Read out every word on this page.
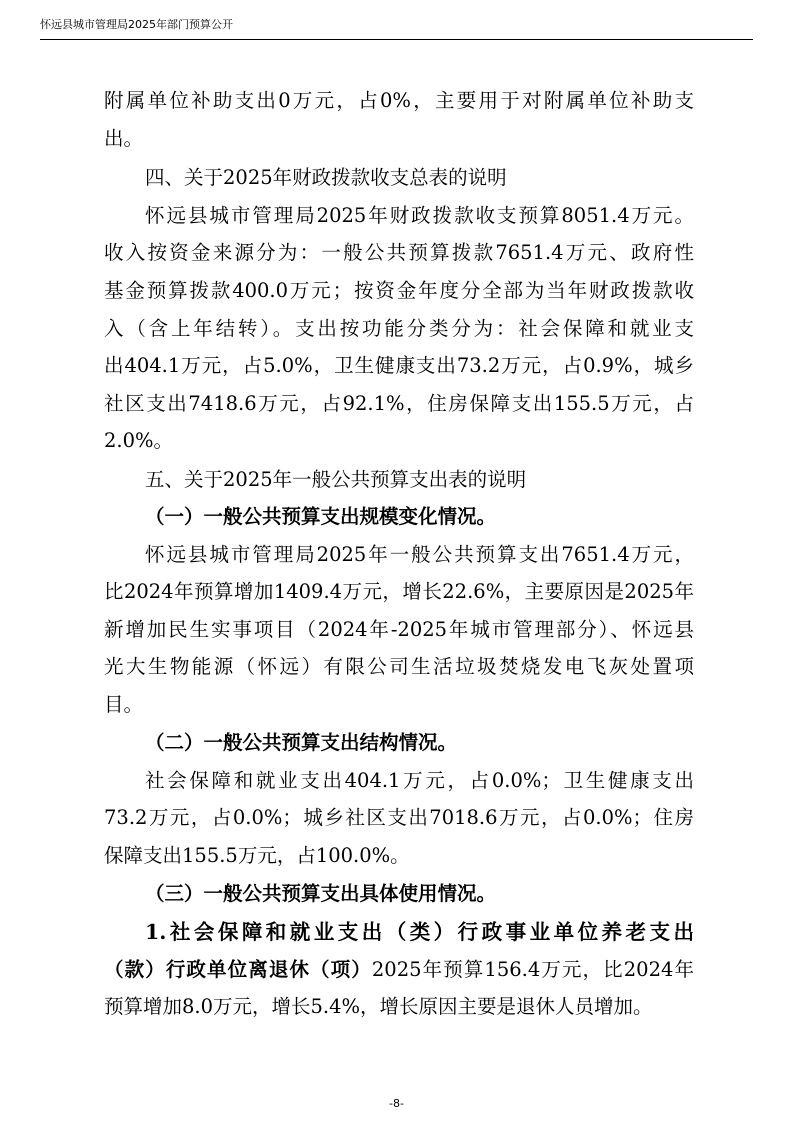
怀远县城市管理局2025年部门预算公开
附属单位补助支出0万元，占0%，主要用于对附属单位补助支
出。
四、关于2025年财政拨款收支总表的说明
怀远县城市管理局2025年财政拨款收支预算8051.4万元。
收入按资金来源分为：一般公共预算拨款7651.4万元、政府性
基金预算拨款400.0万元；按资金年度分全部为当年财政拨款收
入（含上年结转）。支出按功能分类分为：社会保障和就业支
出404.1万元，占5.0%，卫生健康支出73.2万元，占0.9%，城乡
社区支出7418.6万元，占92.1%，住房保障支出155.5万元，占
2.0%。
五、关于2025年一般公共预算支出表的说明
（一）一般公共预算支出规模变化情况。
怀远县城市管理局2025年一般公共预算支出7651.4万元，
比2024年预算增加1409.4万元，增长22.6%，主要原因是2025年
新增加民生实事项目（2024年-2025年城市管理部分）、怀远县
光大生物能源（怀远）有限公司生活垃圾焚烧发电飞灰处置项
目。
（二）一般公共预算支出结构情况。
社会保障和就业支出404.1万元，占0.0%；卫生健康支出
73.2万元，占0.0%；城乡社区支出7018.6万元，占0.0%；住房
保障支出155.5万元，占100.0%。
（三）一般公共预算支出具体使用情况。
1.社会保障和就业支出（类）行政事业单位养老支出
（款）行政单位离退休（项）2025年预算156.4万元，比2024年
预算增加8.0万元，增长5.4%，增长原因主要是退休人员增加。
-8-
